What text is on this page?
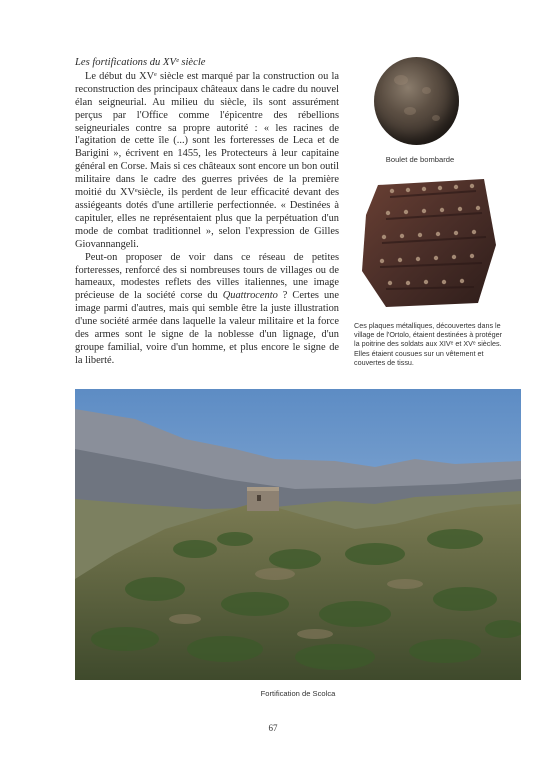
Les fortifications du XVᵉ siècle

Le début du XVᵉ siècle est marqué par la construction ou la reconstruction des principaux châteaux dans le cadre du nouvel élan seigneurial. Au milieu du siècle, ils sont assurément perçus par l'Office comme l'épicentre des rébellions seigneuriales contre sa propre autorité : « les racines de l'agitation de cette île (...) sont les forteresses de Leca et de Barigini », écrivent en 1455, les Protecteurs à leur capitaine général en Corse. Mais si ces châteaux sont encore un bon outil militaire dans le cadre des guerres privées de la première moitié du XVᵉsiècle, ils perdent de leur efficacité devant des assiégeants dotés d'une artillerie perfectionnée. « Destinées à capituler, elles ne représentaient plus que la perpétuation d'un mode de combat traditionnel », selon l'expression de Gilles Giovannangeli.

Peut-on proposer de voir dans ce réseau de petites forteresses, renforcé des si nombreuses tours de villages ou de hameaux, modestes reflets des villes italiennes, une image précieuse de la société corse du Quattrocento ? Certes une image parmi d'autres, mais qui semble être la juste illustration d'une société armée dans laquelle la valeur militaire et la force des armes sont le signe de la noblesse d'un lignage, d'un groupe familial, voire d'un homme, et plus encore le signe de la liberté.

Boulet de bombarde
Ces plaques métalliques, découvertes dans le village de l'Ortolo, étaient destinées à protéger la poitrine des soldats aux XIVᵉ et XVᵉ siècles. Elles étaient cousues sur un vêtement et couvertes de tissu.
Fortification de Scolca
67
